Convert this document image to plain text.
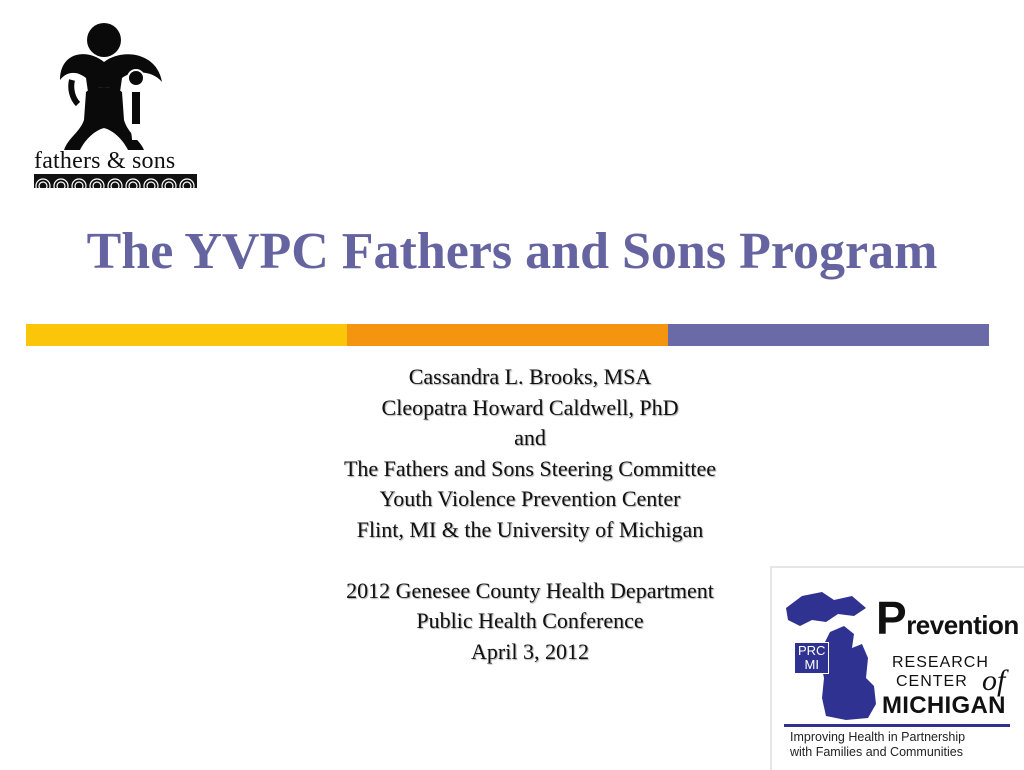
fathers & sons
The YVPC Fathers and Sons Program
Cassandra L. Brooks, MSA
Cleopatra Howard Caldwell, PhD
and
The Fathers and Sons Steering Committee
Youth Violence Prevention Center
Flint, MI & the University of Michigan
2012 Genesee County Health Department
Public Health Conference
April 3, 2012	PRC
MI
Prevention
RESEARCH
CENTER of
MICHIGAN
Improving Health in Partnership
with Families and Communities
